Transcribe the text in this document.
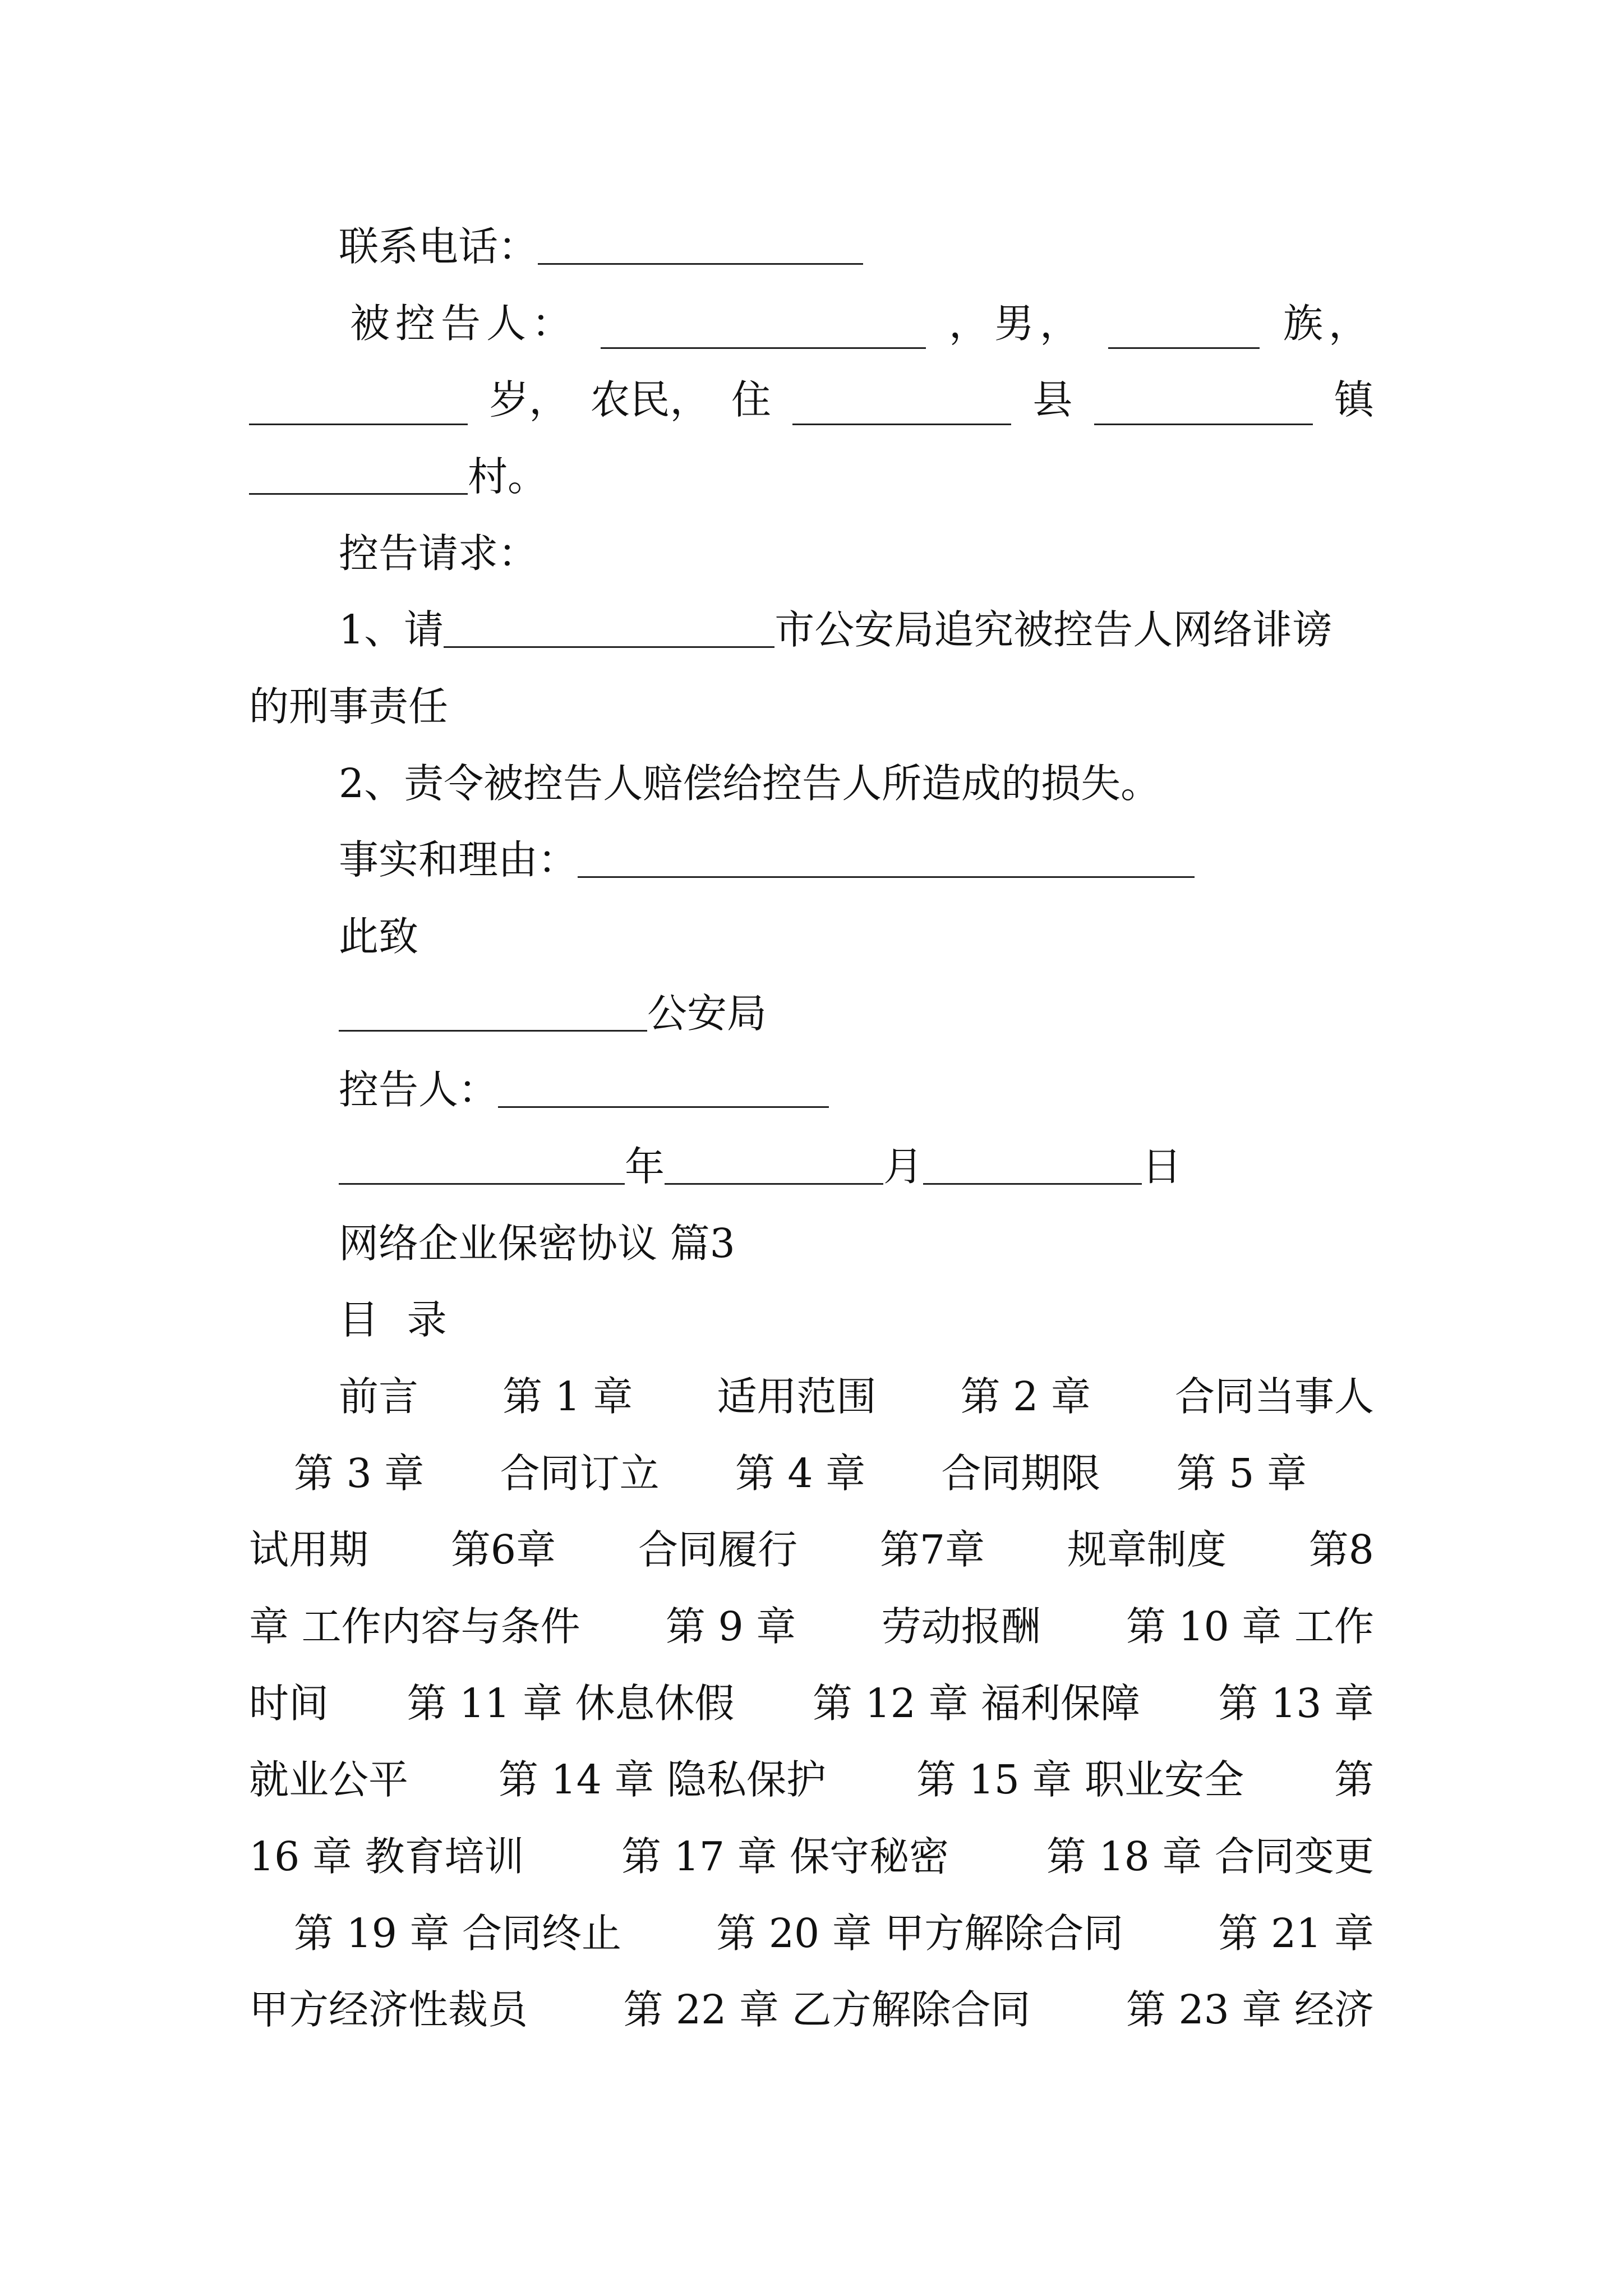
联系电话：
被控告人：	，男，	族，
岁， 农民， 住	县	镇
村。
控告请求：
1、请	市公安局追究被控告人网络诽谤
的刑事责任
2、责令被控告人赔偿给控告人所造成的损失。
事实和理由：
此致
公安局
控告人：
年	月	日
网络企业保密协议 篇3
目 录
前言 第 1 章 适用范围 第 2 章 合同当事人
第 3 章 合同订立 第 4 章 合同期限 第 5 章
试用期 第6章 合同履行 第7章 规章制度 第8
章 工作内容与条件 第 9 章 劳动报酬 第 10 章 工作
时间 第 11 章 休息休假 第 12 章 福利保障 第 13 章
就业公平 第 14 章 隐私保护 第 15 章 职业安全 第
16 章 教育培训 第 17 章 保守秘密 第 18 章 合同变更
第 19 章 合同终止 第 20 章 甲方解除合同 第 21 章
甲方经济性裁员 第 22 章 乙方解除合同 第 23 章 经济
